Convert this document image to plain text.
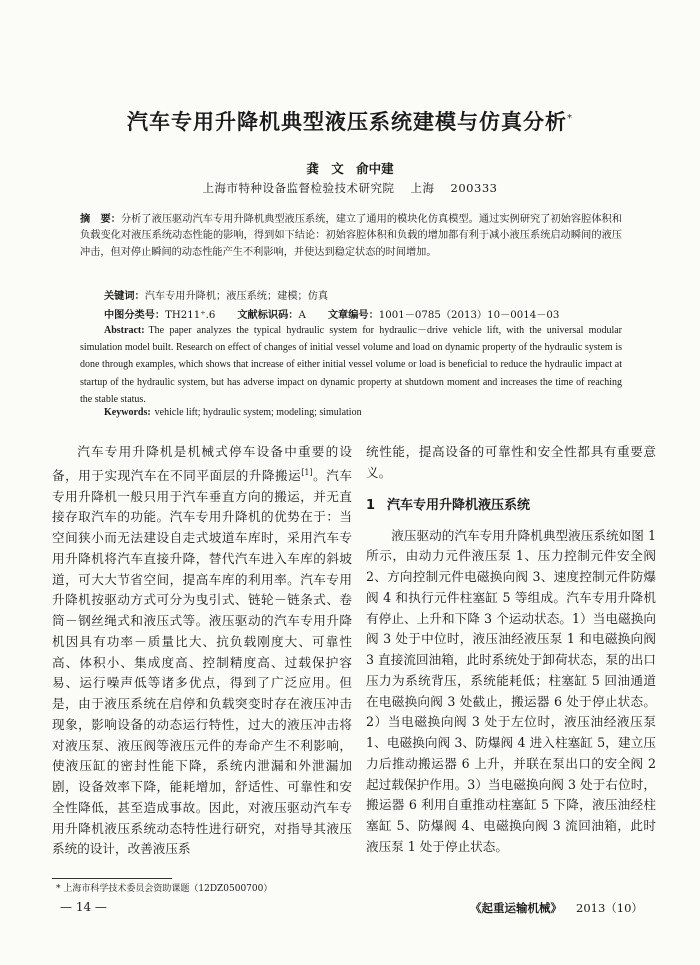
汽车专用升降机典型液压系统建模与仿真分析*
龚 文 俞中建
上海市特种设备监督检验技术研究院 上海 200333
摘　要：分析了液压驱动汽车专用升降机典型液压系统，建立了通用的模块化仿真模型。通过实例研究了初始容腔体积和负载变化对液压系统动态性能的影响，得到如下结论：初始容腔体积和负载的增加都有利于减小液压系统启动瞬间的液压冲击，但对停止瞬间的动态性能产生不利影响，并使达到稳定状态的时间增加。
关键词：汽车专用升降机；液压系统；建模；仿真
中图分类号：TH211⁺.6 文献标识码：A 文章编号：1001－0785（2013）10－0014－03
Abstract: The paper analyzes the typical hydraulic system for hydraulic－drive vehicle lift, with the universal modular simulation model built. Research on effect of changes of initial vessel volume and load on dynamic property of the hydraulic system is done through examples, which shows that increase of either initial vessel volume or load is beneficial to reduce the hydraulic impact at startup of the hydraulic system, but has adverse impact on dynamic property at shutdown moment and increases the time of reaching the stable status.
Keywords: vehicle lift; hydraulic system; modeling; simulation

汽车专用升降机是机械式停车设备中重要的设备，用于实现汽车在不同平面层的升降搬运[1]。汽车专用升降机一般只用于汽车垂直方向的搬运，并无直接存取汽车的功能。汽车专用升降机的优势在于：当空间狭小而无法建设自走式坡道车库时，采用汽车专用升降机将汽车直接升降，替代汽车进入车库的斜坡道，可大大节省空间，提高车库的利用率。汽车专用升降机按驱动方式可分为曳引式、链轮－链条式、卷筒－钢丝绳式和液压式等。液压驱动的汽车专用升降机因具有功率－质量比大、抗负载刚度大、可靠性高、体积小、集成度高、控制精度高、过载保护容易、运行噪声低等诸多优点，得到了广泛应用。但是，由于液压系统在启停和负载突变时存在液压冲击现象，影响设备的动态运行特性，过大的液压冲击将对液压泵、液压阀等液压元件的寿命产生不利影响，使液压缸的密封性能下降，系统内泄漏和外泄漏加剧，设备效率下降，能耗增加，舒适性、可靠性和安全性降低，甚至造成事故。因此，对液压驱动汽车专用升降机液压系统动态特性进行研究，对指导其液压系统的设计，改善液压系

统性能，提高设备的可靠性和安全性都具有重要意义。

1 汽车专用升降机液压系统

液压驱动的汽车专用升降机典型液压系统如图 1 所示，由动力元件液压泵 1、压力控制元件安全阀 2、方向控制元件电磁换向阀 3、速度控制元件防爆阀 4 和执行元件柱塞缸 5 等组成。汽车专用升降机有停止、上升和下降 3 个运动状态。1）当电磁换向阀 3 处于中位时，液压油经液压泵 1 和电磁换向阀 3 直接流回油箱，此时系统处于卸荷状态，泵的出口压力为系统背压，系统能耗低；柱塞缸 5 回油通道在电磁换向阀 3 处截止，搬运器 6 处于停止状态。2）当电磁换向阀 3 处于左位时，液压油经液压泵 1、电磁换向阀 3、防爆阀 4 进入柱塞缸 5，建立压力后推动搬运器 6 上升，并联在泵出口的安全阀 2 起过载保护作用。3）当电磁换向阀 3 处于右位时，搬运器 6 利用自重推动柱塞缸 5 下降，液压油经柱塞缸 5、防爆阀 4、电磁换向阀 3 流回油箱，此时液压泵 1 处于停止状态。

* 上海市科学技术委员会资助课题（12DZ0500700）
— 14 —	《起重运输机械》 2013（10）
